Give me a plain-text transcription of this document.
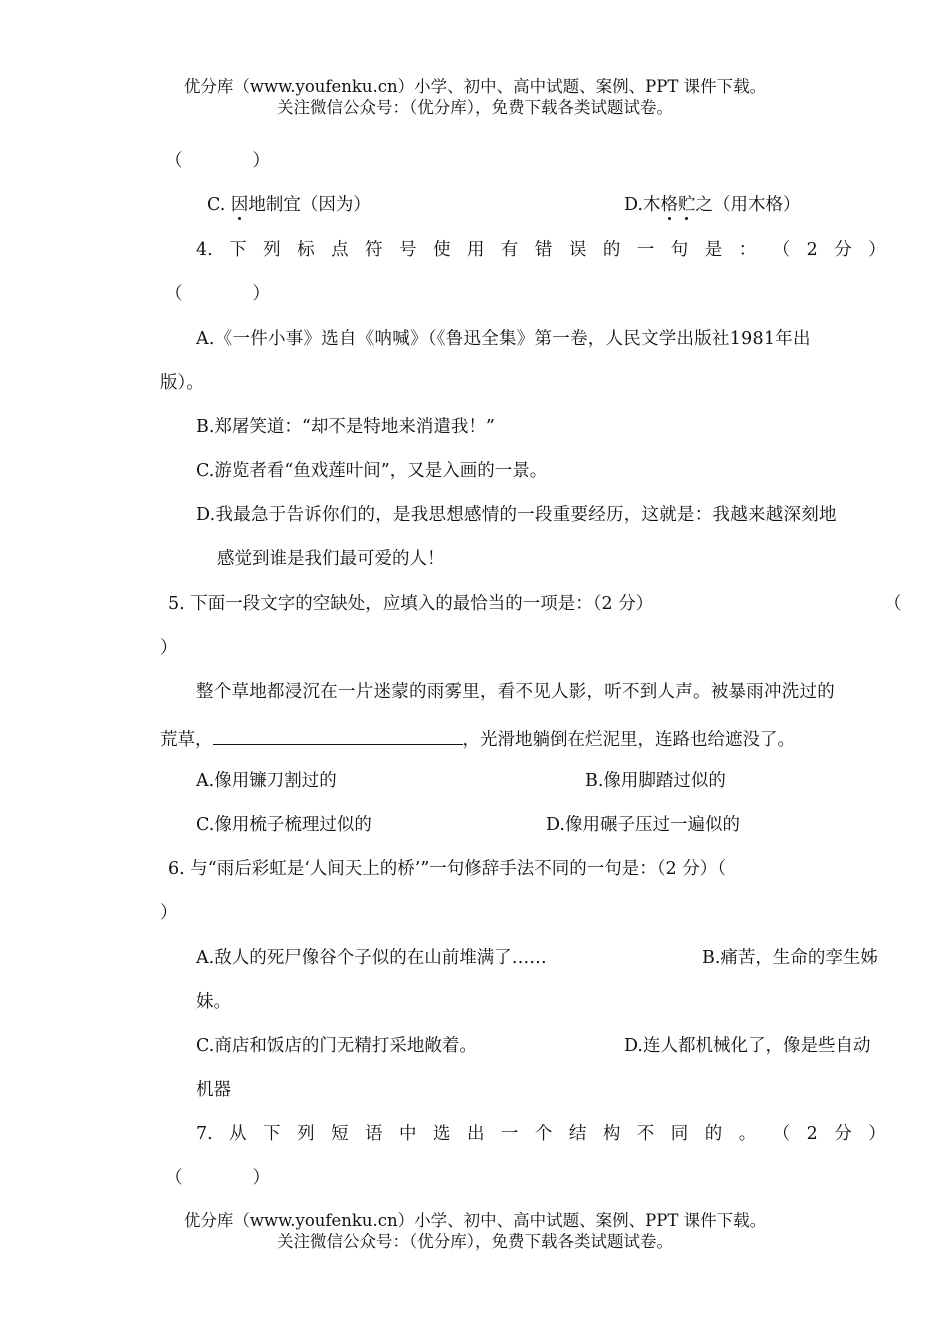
优分库（www.youfenku.cn）小学、初中、高中试题、案例、PPT 课件下载。
关注微信公众号：（优分库），免费下载各类试题试卷。
（　　　　）
C. 因地制宜（因为）	D.木格贮之（用木格）
4. 下 列 标 点 符 号 使 用 有 错 误 的 一 句 是 ： （ 2 分 ）
（　　　　）
A.《一件小事》选自《呐喊》（《鲁迅全集》第一卷，人民文学出版社1981年出
版）。
B.郑屠笑道：“却不是特地来消遣我！”
C.游览者看“鱼戏莲叶间”，又是入画的一景。
D.我最急于告诉你们的，是我思想感情的一段重要经历，这就是：我越来越深刻地
感觉到谁是我们最可爱的人！
5. 下面一段文字的空缺处，应填入的最恰当的一项是：（2 分）	（
）
整个草地都浸沉在一片迷蒙的雨雾里，看不见人影，听不到人声。被暴雨冲洗过的
荒草，	，光滑地躺倒在烂泥里，连路也给遮没了。
A.像用镰刀割过的	B.像用脚踏过似的
C.像用梳子梳理过似的	D.像用碾子压过一遍似的
6. 与“雨后彩虹是‘人间天上的桥’”一句修辞手法不同的一句是：（2 分）（
）
A.敌人的死尸像谷个子似的在山前堆满了……	B.痛苦，生命的孪生姊
妹。
C.商店和饭店的门无精打采地敞着。	D.连人都机械化了，像是些自动
机器
7. 从 下 列 短 语 中 选 出 一 个 结 构 不 同 的 。 （ 2 分 ）
（　　　　）
优分库（www.youfenku.cn）小学、初中、高中试题、案例、PPT 课件下载。
关注微信公众号：（优分库），免费下载各类试题试卷。
